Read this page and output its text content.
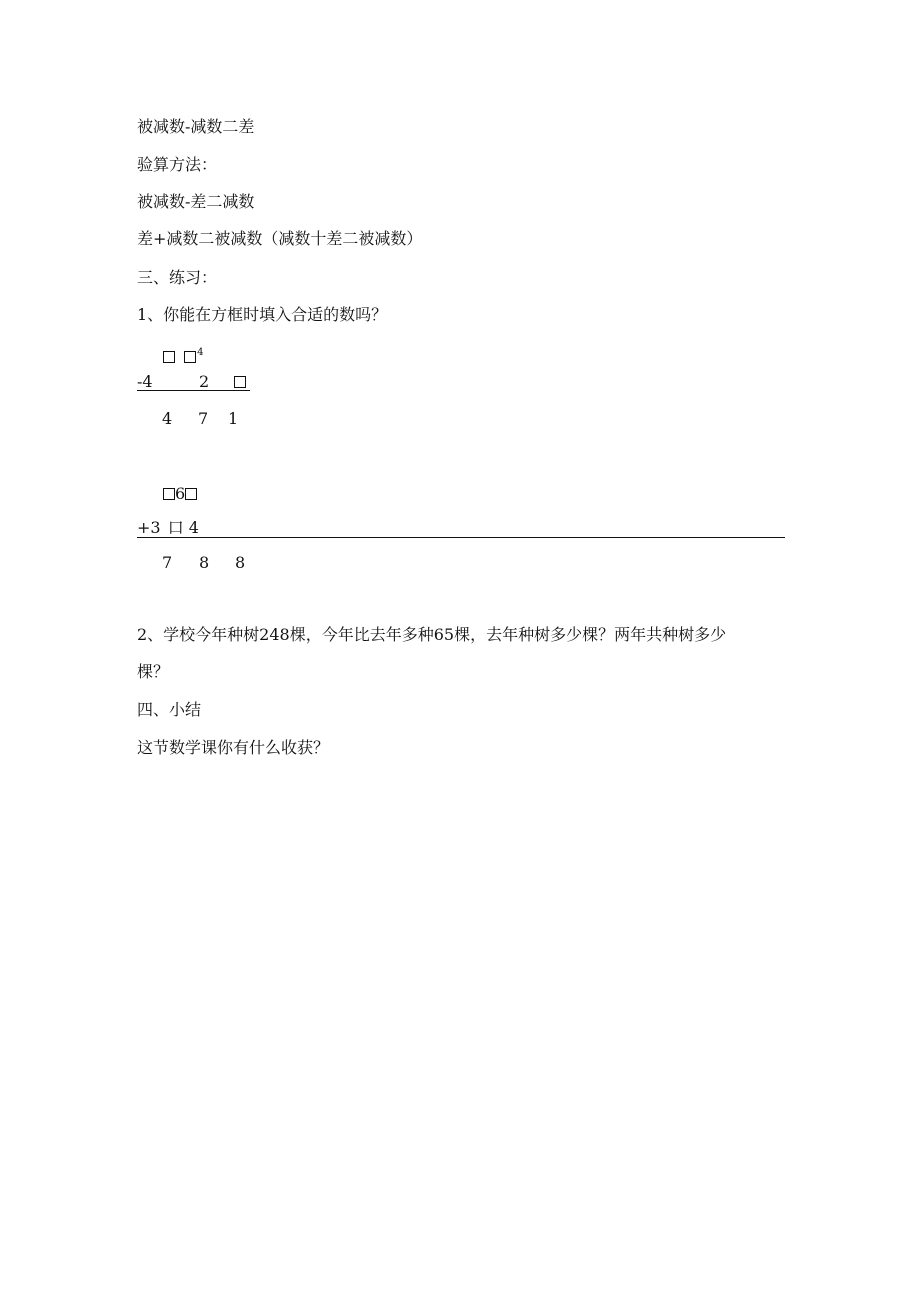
被减数-减数二差
验算方法：
被减数-差二减数
差+减数二被减数（减数十差二被减数）
三、练习：
1、你能在方框时填入合适的数吗？
$^4$
-4	2
4 7 1
6
+3 口 4
7 8 8
2、学校今年种树248棵，今年比去年多种65棵，去年种树多少棵？两年共种树多少
棵？
四、小结
这节数学课你有什么收获？
